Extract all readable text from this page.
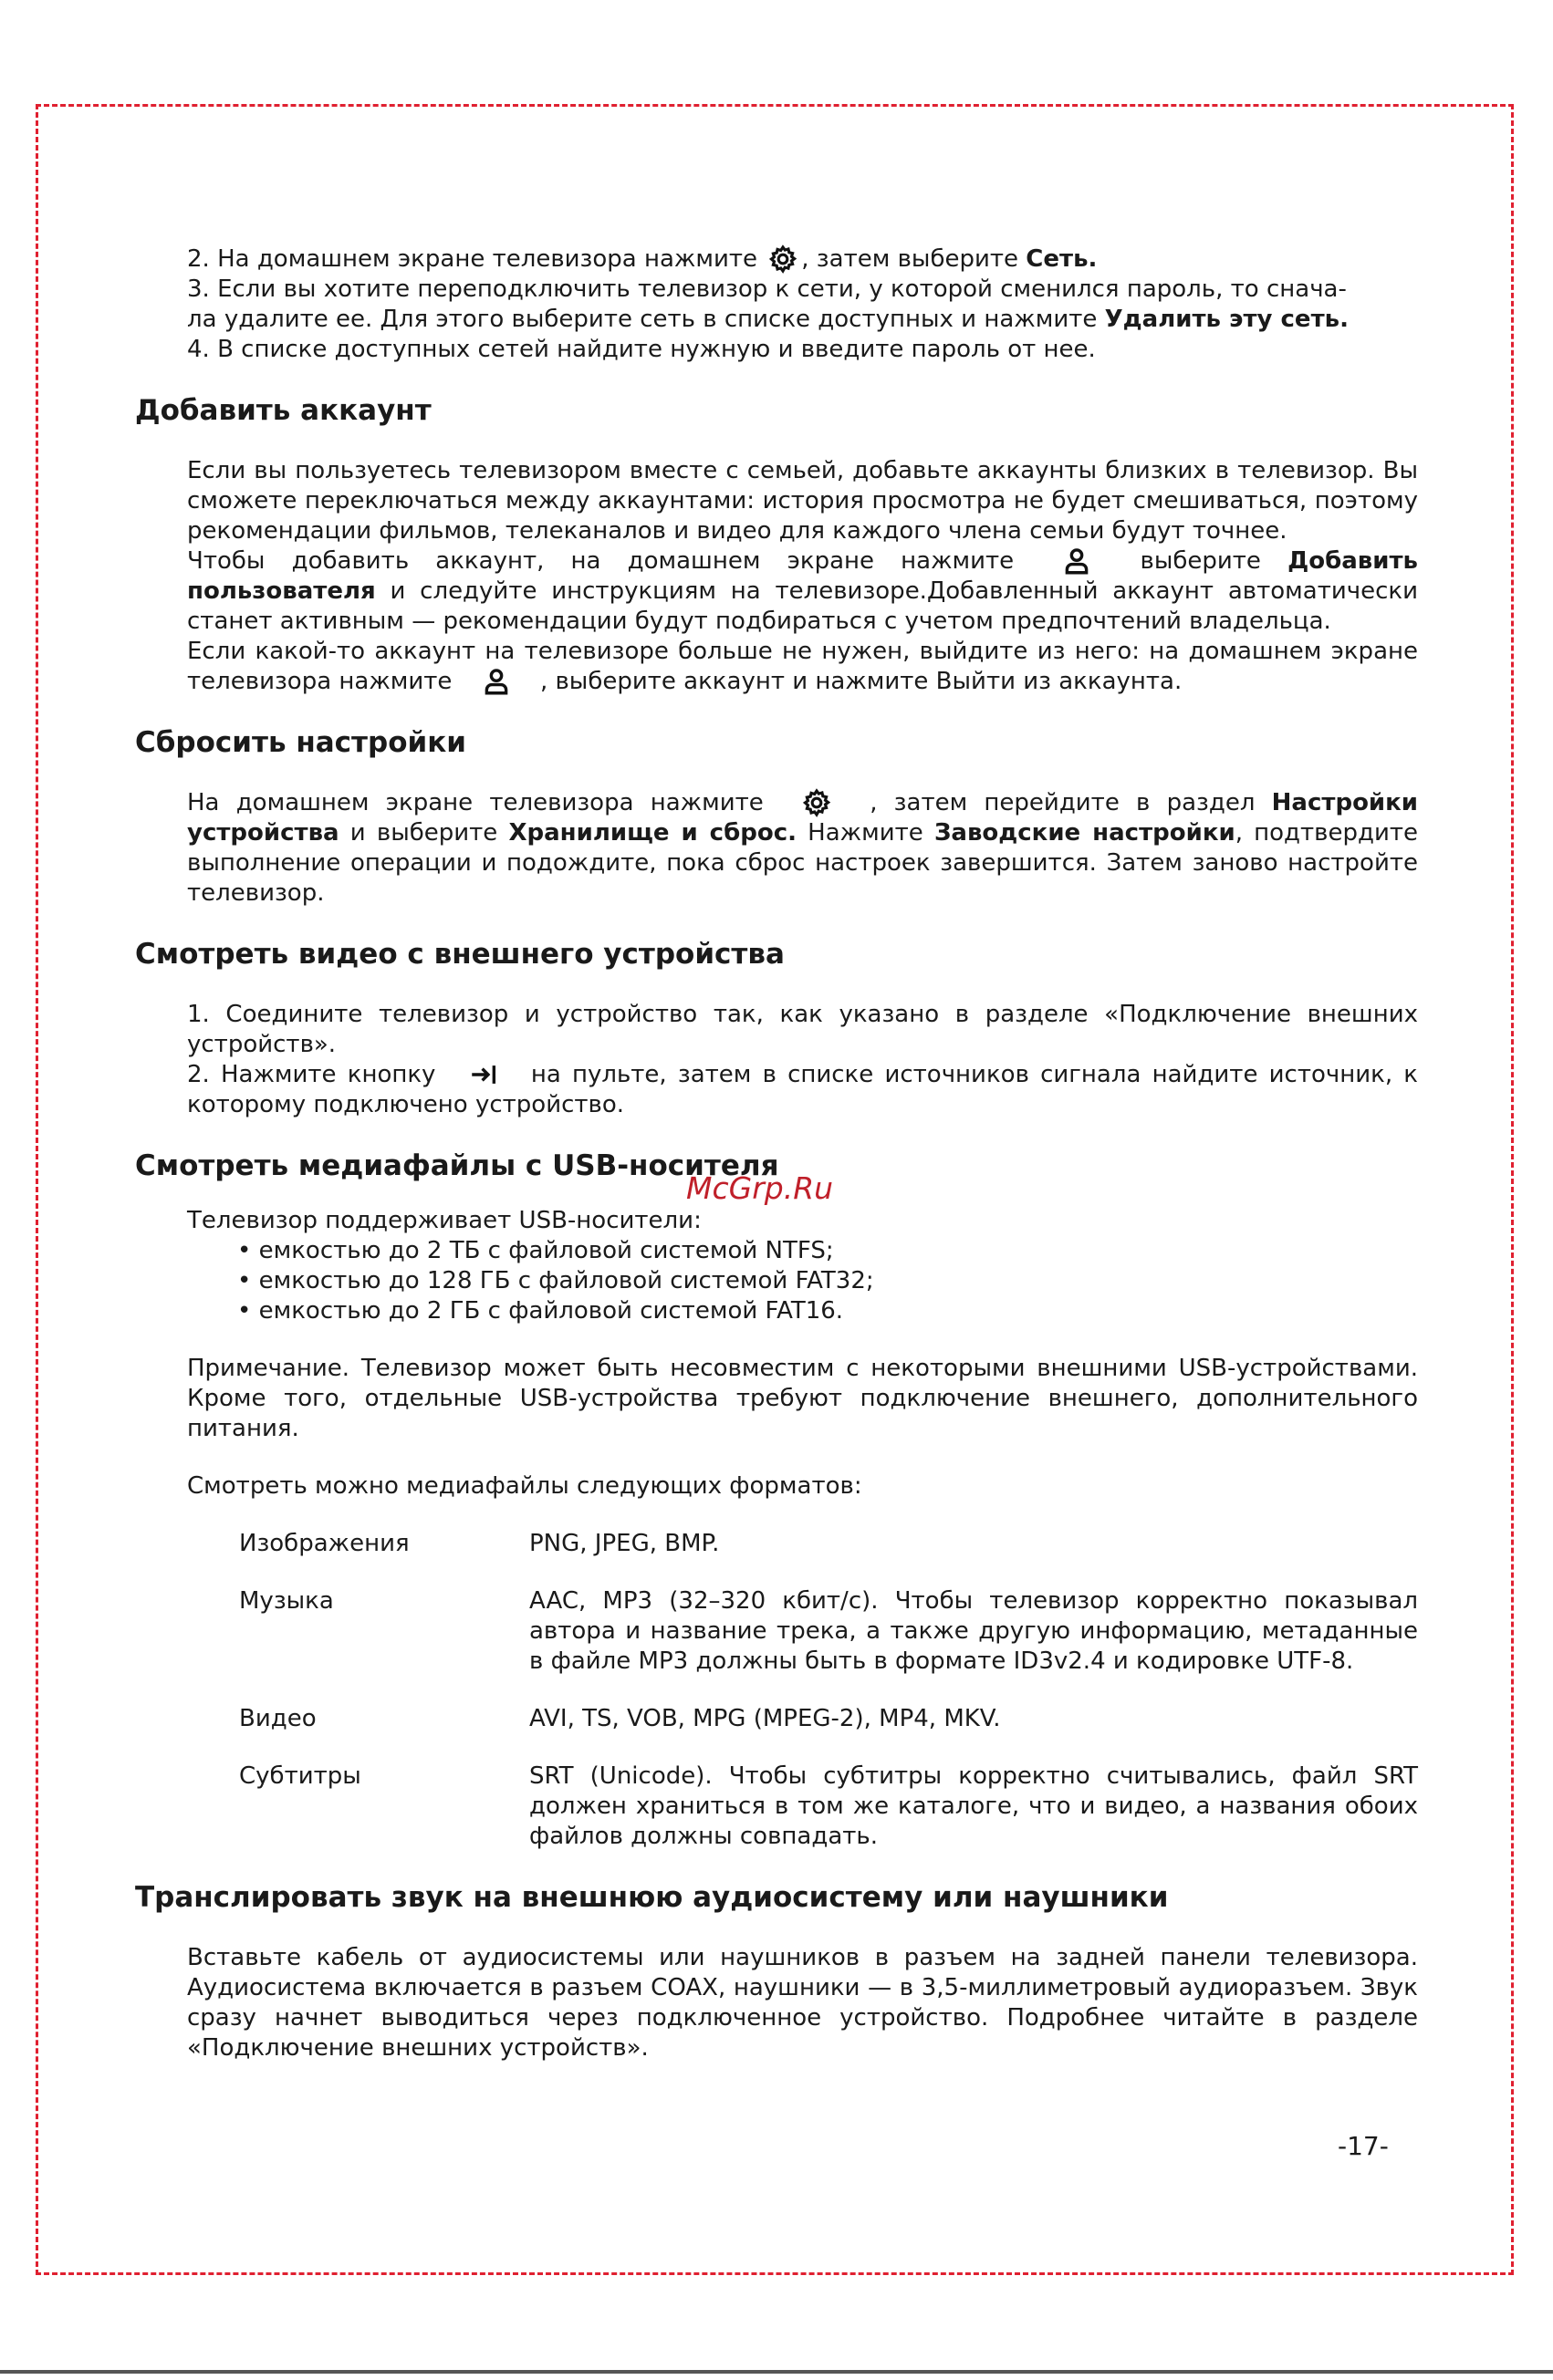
2. На домашнем экране телевизора нажмите , затем выберите Сеть.

3. Если вы хотите переподключить телевизор к сети, у которой сменился пароль, то снача-

ла удалите ее. Для этого выберите сеть в списке доступных и нажмите Удалить эту сеть.

4. В списке доступных сетей найдите нужную и введите пароль от нее.

Добавить аккаунт

Если вы пользуетесь телевизором вместе с семьей, добавьте аккаунты близких в телевизор. Вы сможете переключаться между аккаунтами: история просмотра не будет смешиваться, поэтому рекомендации фильмов, телеканалов и видео для каждого члена семьи будут точнее.

Чтобы добавить аккаунт, на домашнем экране нажмите	выберите Добавить пользователя и следуйте инструкциям на телевизоре.Добавленный аккаунт автоматически станет активным — рекомендации будут подбираться с учетом предпочтений владельца.

Если какой-то аккаунт на телевизоре больше не нужен, выйдите из него: на домашнем экране телевизора нажмите	, выберите аккаунт и нажмите Выйти из аккаунта.

Сбросить настройки

На домашнем экране телевизора нажмите	, затем перейдите в раздел Настройки устройства и выберите Хранилище и сброс. Нажмите Заводские настройки, подтвердите выполнение операции и подождите, пока сброс настроек завершится. Затем заново настройте телевизор.

Смотреть видео с внешнего устройства

1. Соедините телевизор и устройство так, как указано в разделе «Подключение внешних устройств».

2. Нажмите кнопку	на пульте, затем в списке источников сигнала найдите источник, к которому подключено устройство.

Смотреть медиафайлы с USB-носителя

Телевизор поддерживает USB-носители:

• емкостью до 2 ТБ с файловой системой NTFS;
• емкостью до 128 ГБ с файловой системой FAT32;
• емкостью до 2 ГБ с файловой системой FAT16.

Примечание. Телевизор может быть несовместим с некоторыми внешними USB-устройствами. Кроме того, отдельные USB-устройства требуют подключение внешнего, дополнительного питания.

Смотреть можно медиафайлы следующих форматов:

Изображения	PNG, JPEG, BMP.
Музыка	AAC, MP3 (32–320 кбит/с). Чтобы телевизор корректно показывал автора и название трека, а также другую информацию, метаданные в файле MP3 должны быть в формате ID3v2.4 и кодировке UTF-8.
Видео	AVI, TS, VOB, MPG (MPEG-2), MP4, MKV.
Субтитры	SRT (Unicode). Чтобы субтитры корректно считывались, файл SRT должен храниться в том же каталоге, что и видео, а названия обоих файлов должны совпадать.
Транслировать звук на внешнюю аудиосистему или наушники

Вставьте кабель от аудиосистемы или наушников в разъем на задней панели телевизора. Аудиосистема включается в разъем COAX, наушники — в 3,5-миллиметровый аудиоразъем. Звук сразу начнет выводиться через подключенное устройство. Подробнее читайте в разделе «Подключение внешних устройств».

McGrp.Ru
-17-
